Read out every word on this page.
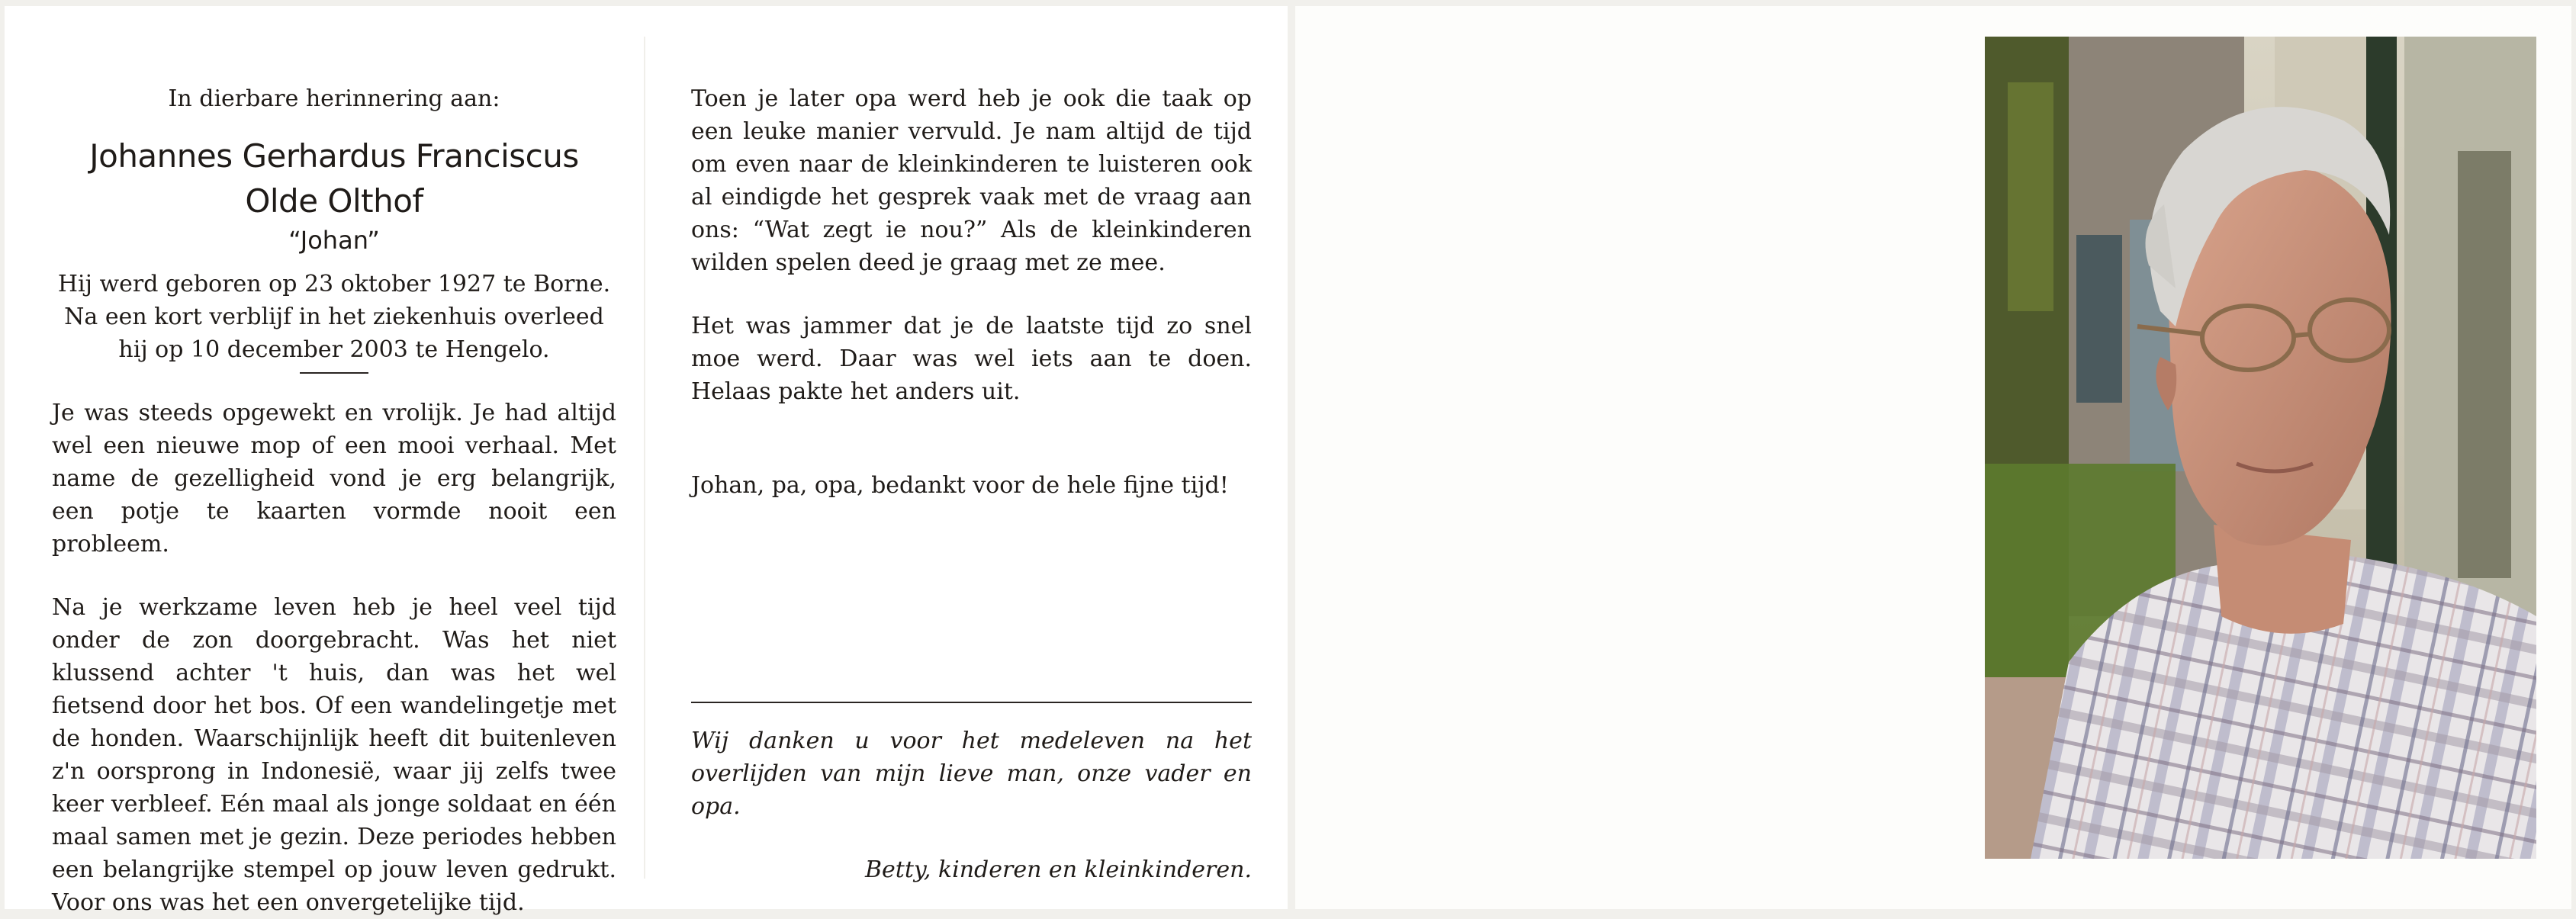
In dierbare herinnering aan:
Johannes Gerhardus Franciscus
Olde Olthof
“Johan”

Hij werd geboren op 23 oktober 1927 te Borne. Na een kort verblijf in het ziekenhuis overleed hij op 10 december 2003 te Hengelo.

Je was steeds opgewekt en vrolijk. Je had altijd wel een nieuwe mop of een mooi verhaal. Met name de gezelligheid vond je erg belangrijk, een potje te kaarten vormde nooit een probleem.

Na je werkzame leven heb je heel veel tijd onder de zon doorgebracht. Was het niet klussend achter 't huis, dan was het wel fietsend door het bos. Of een wandelingetje met de honden. Waarschijnlijk heeft dit buitenleven z'n oorsprong in Indonesië, waar jij zelfs twee keer verbleef. Eén maal als jonge soldaat en één maal samen met je gezin. Deze periodes hebben een belangrijke stempel op jouw leven gedrukt. Voor ons was het een onvergetelijke tijd.

Toen je later opa werd heb je ook die taak op een leuke manier vervuld. Je nam altijd de tijd om even naar de kleinkinderen te luisteren ook al eindigde het gesprek vaak met de vraag aan ons: “Wat zegt ie nou?” Als de kleinkinderen wilden spelen deed je graag met ze mee.

Het was jammer dat je de laatste tijd zo snel moe werd. Daar was wel iets aan te doen. Helaas pakte het anders uit.

Johan, pa, opa, bedankt voor de hele fijne tijd!

Wij danken u voor het medeleven na het overlijden van mijn lieve man, onze vader en opa.

Betty, kinderen en kleinkinderen.
